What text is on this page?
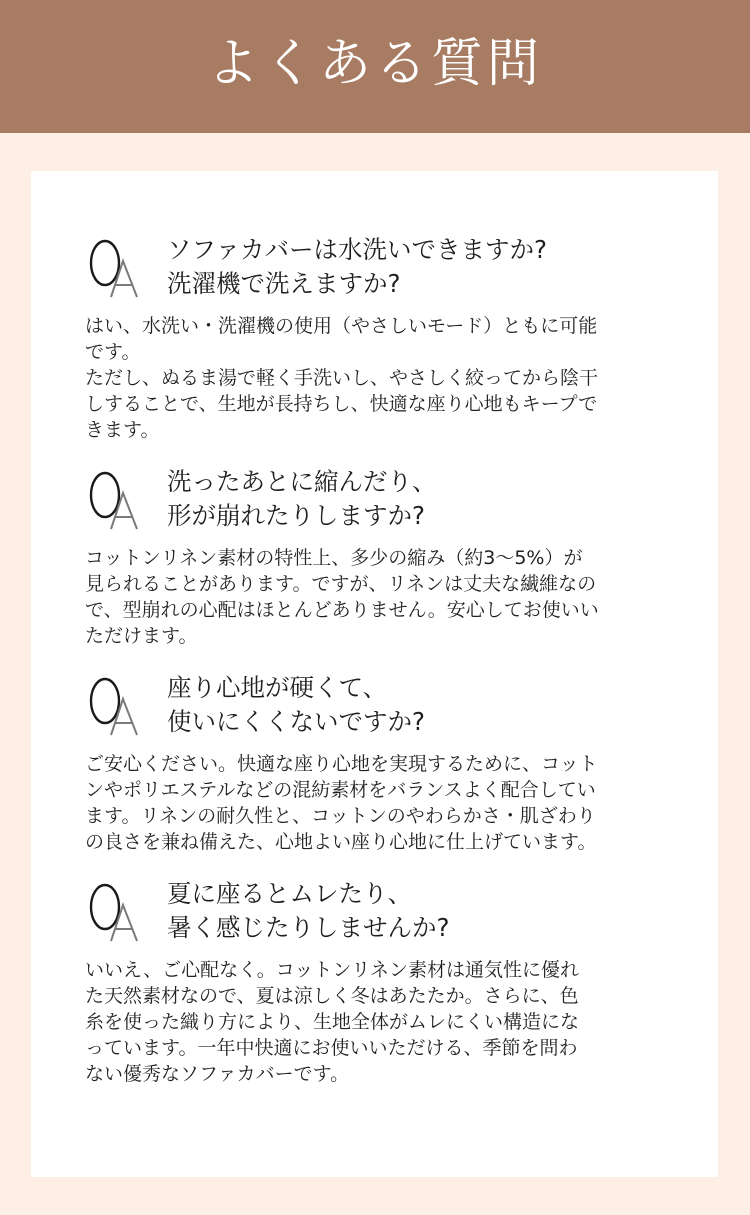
よくある質問
ソファカバーは水洗いできますか?
洗濯機で洗えますか?
はい、水洗い・洗濯機の使用（やさしいモード）ともに可能
です。
ただし、ぬるま湯で軽く手洗いし、やさしく絞ってから陰干
しすることで、生地が長持ちし、快適な座り心地もキープで
きます。
洗ったあとに縮んだり、
形が崩れたりしますか?
コットンリネン素材の特性上、多少の縮み（約3〜5%）が
見られることがあります。ですが、リネンは丈夫な繊維なの
で、型崩れの心配はほとんどありません。安心してお使いい
ただけます。
座り心地が硬くて、
使いにくくないですか?
ご安心ください。快適な座り心地を実現するために、コット
ンやポリエステルなどの混紡素材をバランスよく配合してい
ます。リネンの耐久性と、コットンのやわらかさ・肌ざわり
の良さを兼ね備えた、心地よい座り心地に仕上げています。
夏に座るとムレたり、
暑く感じたりしませんか?
いいえ、ご心配なく。コットンリネン素材は通気性に優れ
た天然素材なので、夏は涼しく冬はあたたか。さらに、色
糸を使った織り方により、生地全体がムレにくい構造にな
っています。一年中快適にお使いいただける、季節を問わ
ない優秀なソファカバーです。
